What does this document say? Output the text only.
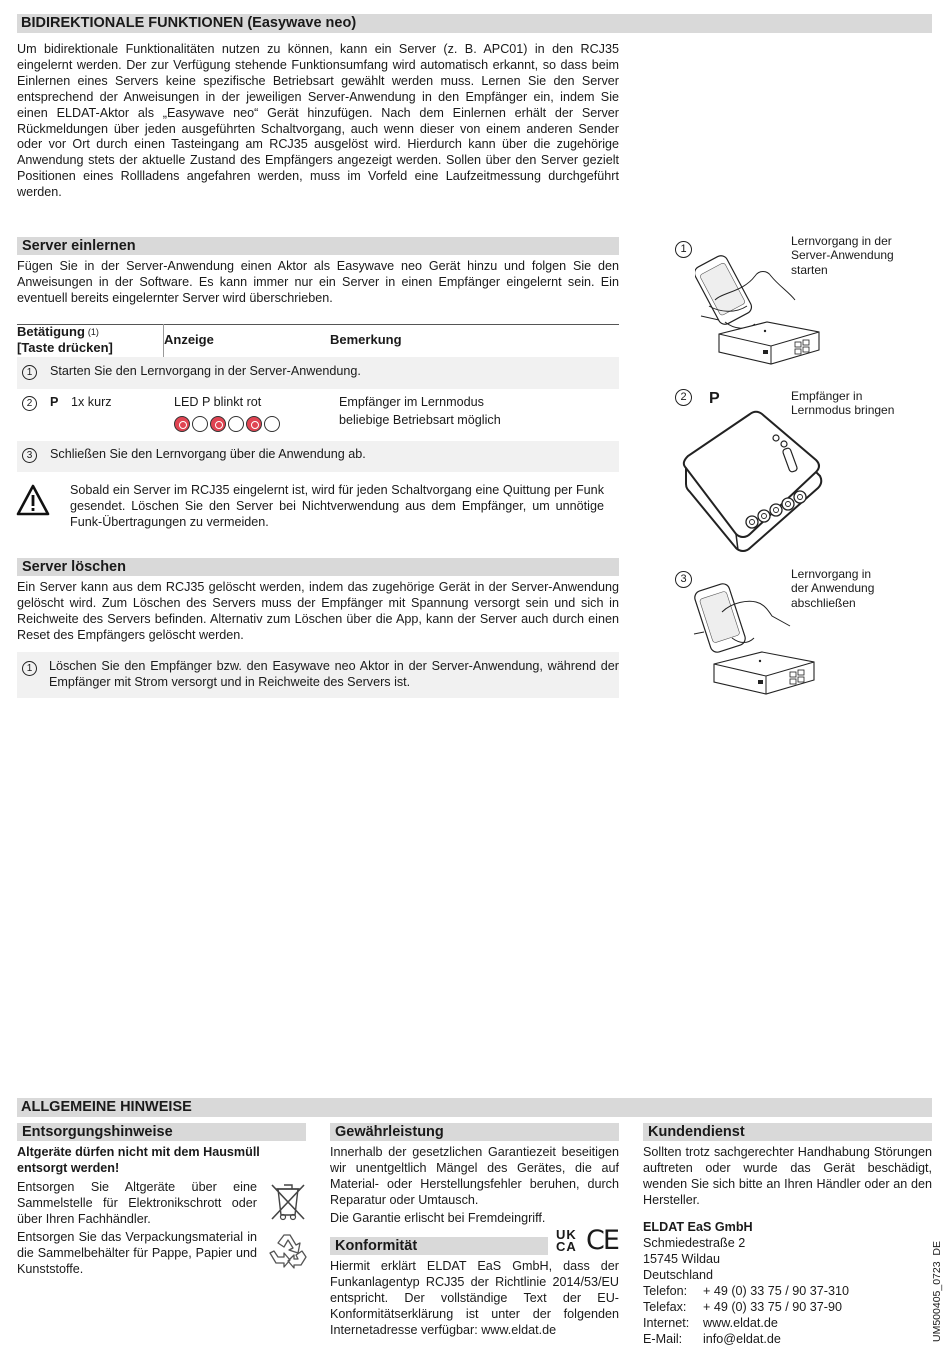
BIDIREKTIONALE FUNKTIONEN (Easywave neo)

Um bidirektionale Funktionalitäten nutzen zu können, kann ein Server (z. B. APC01) in den RCJ35 eingelernt werden. Der zur Verfügung stehende Funktionsumfang wird automatisch erkannt, so dass beim Einlernen eines Servers keine spezifische Betriebsart gewählt werden muss. Lernen Sie den Server entsprechend der Anweisungen in der jeweiligen Server-Anwendung in den Empfänger ein, indem Sie einen ELDAT-Aktor als „Easywave neo“ Gerät hinzufügen. Nach dem Einlernen erhält der Server Rückmeldungen über jeden ausgeführten Schaltvorgang, auch wenn dieser von einem anderen Sender oder vor Ort durch einen Tasteingang am RCJ35 ausgelöst wird. Hierdurch kann über die zugehörige Anwendung stets der aktuelle Zustand des Empfängers angezeigt werden. Sollen über den Server gezielt Positionen eines Rollladens angefahren werden, muss im Vorfeld eine Laufzeitmessung durchgeführt werden.

Server einlernen

Fügen Sie in der Server-Anwendung einen Aktor als Easywave neo Gerät hinzu und folgen Sie den Anweisungen in der Software. Es kann immer nur ein Server in einen Empfänger eingelernt sein. Ein eventuell bereits eingelernter Server wird überschrieben.

Betätigung $^{(1)}$
[Taste drücken]
Anzeige	Bemerkung
1	Starten Sie den Lernvorgang in der Server-Anwendung.
2	P 1x kurz	LED P blinkt rot	Empfänger im Lernmodus
beliebige Betriebsart möglich
3	Schließen Sie den Lernvorgang über die Anwendung ab.

Sobald ein Server im RCJ35 eingelernt ist, wird für jeden Schaltvorgang eine Quittung per Funk gesendet. Löschen Sie den Server bei Nichtverwendung aus dem Empfänger, um unnötige Funk-Übertragungen zu vermeiden.

1
Lernvorgang in der
Server-Anwendung
starten
2	P	Empfänger in
Lernmodus bringen
3	Lernvorgang in
der Anwendung
abschließen
Server löschen

Ein Server kann aus dem RCJ35 gelöscht werden, indem das zugehörige Gerät in der Server-Anwendung gelöscht wird. Zum Löschen des Servers muss der Empfänger mit Spannung versorgt sein und sich in Reichweite des Servers befinden. Alternativ zum Löschen über die App, kann der Server auch durch einen Reset des Empfängers gelöscht werden.

1	Löschen Sie den Empfänger bzw. den Easywave neo Aktor in der Server-Anwendung, während der Empfänger mit Strom versorgt und in Reichweite des Servers ist.

ALLGEMEINE HINWEISE
Entsorgungshinweise
Altgeräte dürfen nicht mit dem Hausmüll entsorgt werden!

Entsorgen Sie Altgeräte über eine Sammelstelle für Elektronikschrott oder über Ihren Fachhändler.

Entsorgen Sie das Verpackungsmaterial in die Sammelbehälter für Pappe, Papier und Kunststoffe.

Gewährleistung

Innerhalb der gesetzlichen Garantiezeit beseitigen wir unentgeltlich Mängel des Gerätes, die auf Material- oder Herstellungsfehler beruhen, durch Reparatur oder Umtausch.

Die Garantie erlischt bei Fremdeingriff.

Konformität
UK
CA CE

Hiermit erklärt ELDAT EaS GmbH, dass der Funkanlagentyp RCJ35 der Richtlinie 2014/53/EU entspricht. Der vollständige Text der EU-Konformitätserklärung ist unter der folgenden Internetadresse verfügbar: www.eldat.de

Kundendienst

Sollten trotz sachgerechter Handhabung Störungen auftreten oder wurde das Gerät beschädigt, wenden Sie sich bitte an Ihren Händler oder an den Hersteller.

ELDAT EaS GmbH
Schmiedestraße 2
15745 Wildau
Deutschland
Telefon: + 49 (0) 33 75 / 90 37-310
Telefax: + 49 (0) 33 75 / 90 37-90
Internet: www.eldat.de
E-Mail: info@eldat.de	UM500405_0723  DE
